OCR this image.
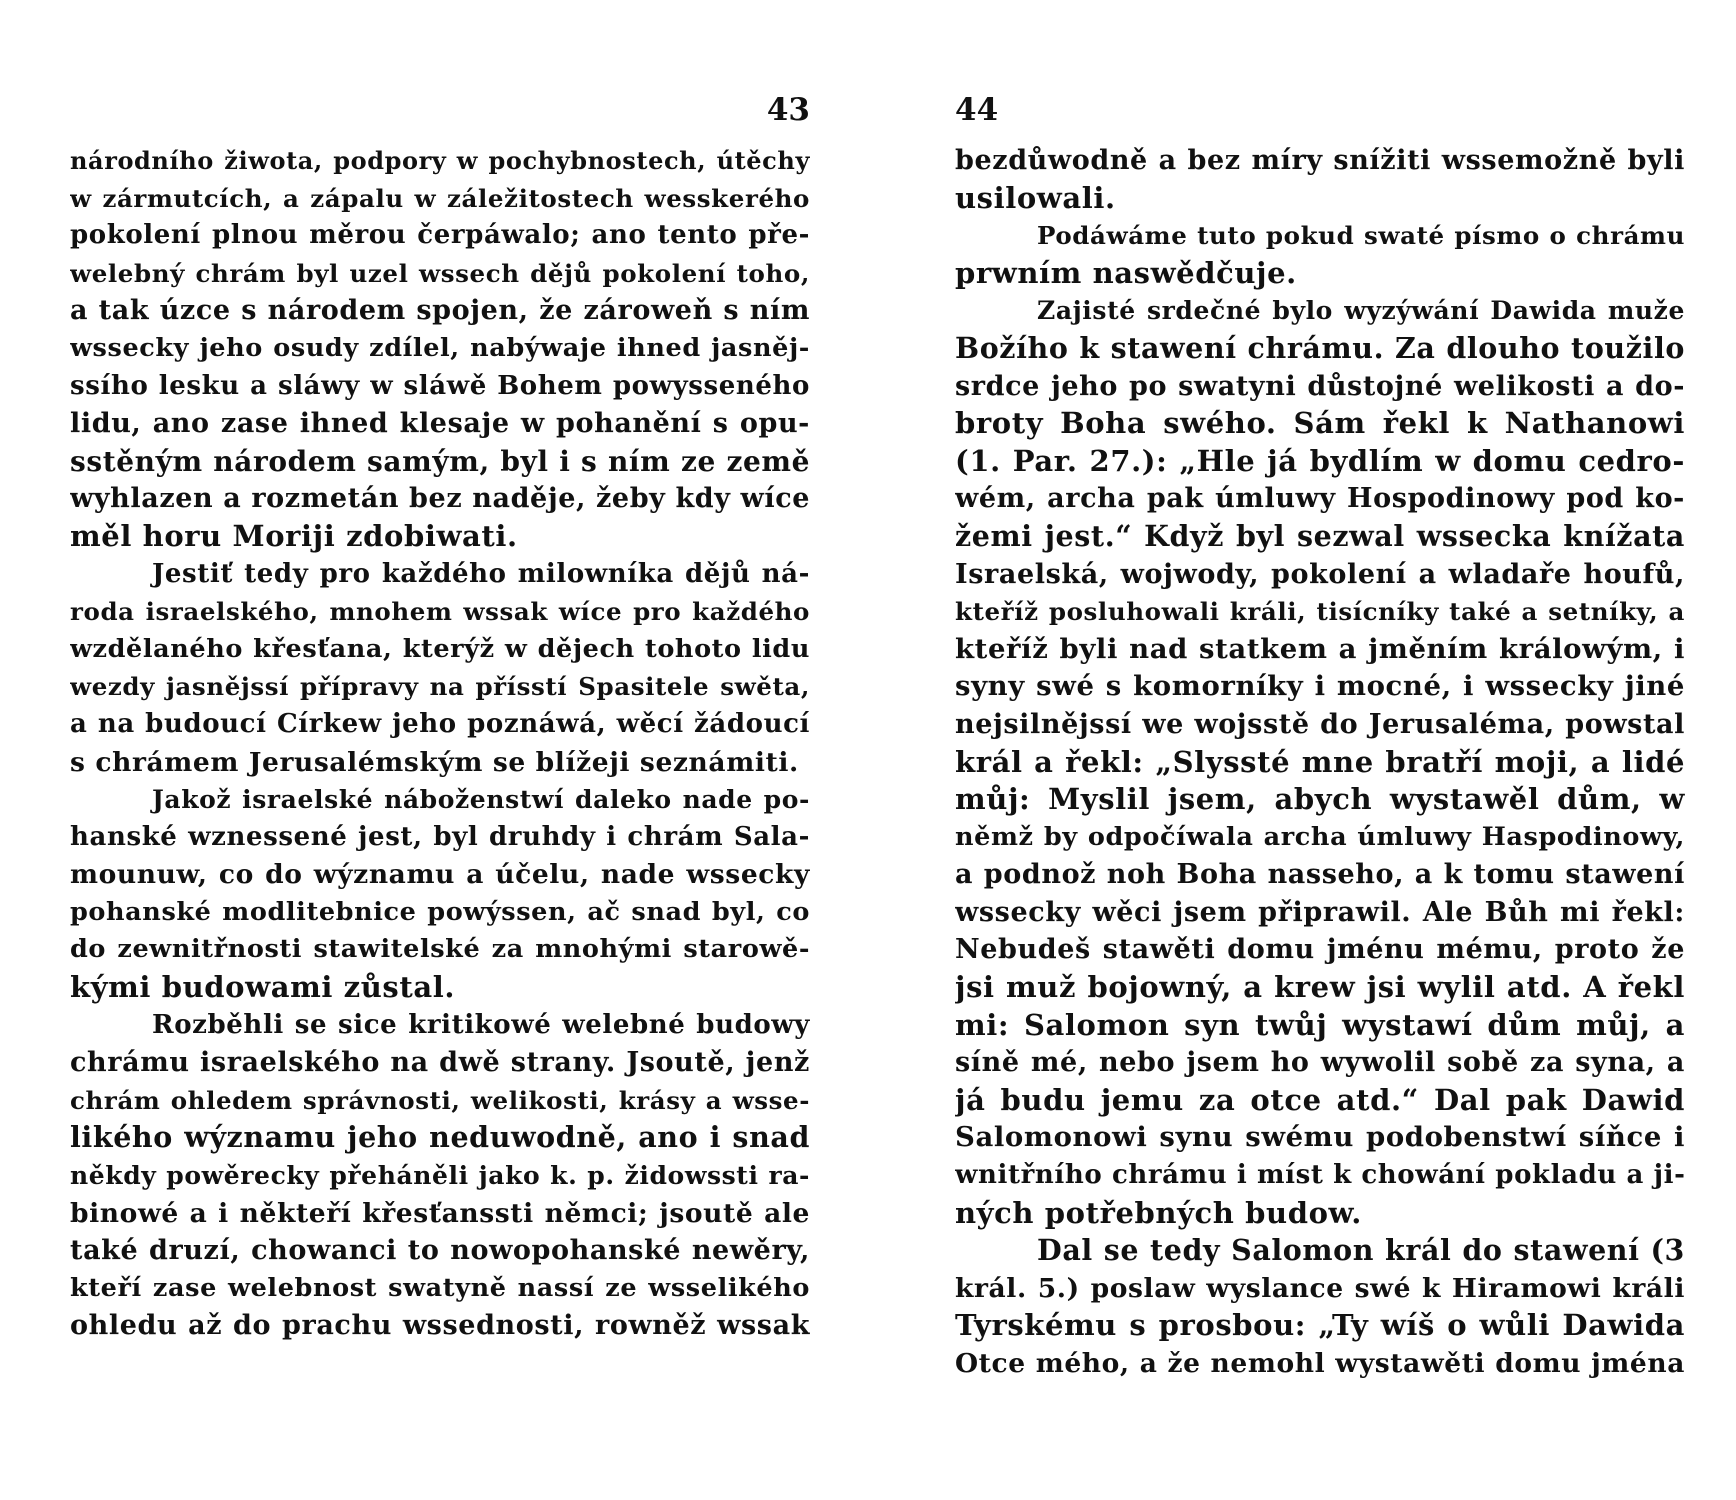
43
národního žiwota, podpory w pochybnostech, útěchy
w zármutcích, a zápalu w záležitostech wesskerého
pokolení plnou měrou čerpáwalo; ano tento pře-
welebný chrám byl uzel wssech dějů pokolení toho,
a tak úzce s národem spojen, že zároweň s ním
wssecky jeho osudy zdílel, nabýwaje ihned jasněj-
ssího lesku a sláwy w sláwě Bohem powyssenéhо
lidu, ano zase ihned klesaje w pohanění s opu-
sstěným národem samým, byl i s ním ze země
wyhlazen a rozmetán bez naděje, žeby kdy wíce
měl horu Moriji zdobiwati.
Jestiť tedy pro každého milowníka dějů ná-
roda israelského, mnohem wssak wíce pro každého
wzdělaného křesťana, kterýž w dějech tohoto lidu
wezdy jasnějssí přípravy na přísstí Spasitele swěta,
a na budoucí Církew jeho poznáwá, wěcí žádoucí
s chrámem Jerusalémským se blížeji seznámiti.
Jakož israelské náboženstwí daleko nade po-
hanské wznessené jest, byl druhdy i chrám Sala-
mounuw, co do wýznamu a účelu, nade wssecky
pohanské modlitebnice powýssen, ač snad byl, co
do zewnitřnosti stawitelské za mnohými starowě-
kými budowami zůstal.
Rozběhli se sice kritikowé welebné budowy
chrámu israelského na dwě strany. Jsoutě, jenž
chrám ohledem správnosti, welikosti, krásy a wsse-
likého wýznamu jeho neduwodně, ano i snad
někdy powěrecky přeháněli jako k. p. židowssti ra-
binowé a i někteří křesťanssti němci; jsoutě ale
také druzí, chowanci to nowopohanské newěry,
kteří zase welebnost swatyně nassí ze wsselikého
ohledu až do prachu wssednosti, rowněž wssak
44
bezdůwodně a bez míry snížiti wssemožně byli
usilowali.
Podáwáme tuto pokud swaté písmo o chrámu
prwním naswědčuje.
Zajisté srdečné bylo wyzýwání Dawida muže
Božího k stawení chrámu. Za dlouho toužilo
srdce jeho po swatyni důstojné welikosti a do-
broty Boha swého. Sám řekl k Nathanowi
(1. Par. 27.): „Hle já bydlím w domu cedro-
wém, archa pak úmluwy Hospodinowy pod ko-
žemi jest.“ Když byl sezwal wssecka knížata
Israelská, wojwody, pokolení a wladaře houfů,
kteříž posluhowali králi, tisícníky také a setníky, a
kteříž byli nad statkem a jměním králowým, i
syny swé s komorníky i mocné, i wssecky jiné
nejsilnějssí we wojsstě do Jerusaléma, powstal
král a řekl: „Slyssté mne bratří moji, a lidé
můj: Myslil jsem, abych wystawěl dům, w
němž by odpočíwala archa úmluwy Haspodinowy,
a podnož noh Boha nasseho, a k tomu stawení
wssecky wěci jsem připrawil. Ale Bůh mi řekl:
Nebudeš stawěti domu jménu mému, proto že
jsi muž bojowný, a krew jsi wylil atd. A řekl
mi: Salomon syn twůj wystawí dům můj, a
síně mé, nebo jsem ho wywolil sobě za syna, a
já budu jemu za otce atd.“ Dal pak Dawid
Salomonowi synu swému podobenstwí síňce i
wnitřního chrámu i míst k chowání pokladu a ji-
ných potřebných budow.
Dal se tedy Salomon král do stawení (3
král. 5.) poslaw wyslance swé k Hiramowi králi
Tyrskému s prosbou: „Ty wíš o wůli Dawida
Otce mého, a že nemohl wystawěti domu jména
